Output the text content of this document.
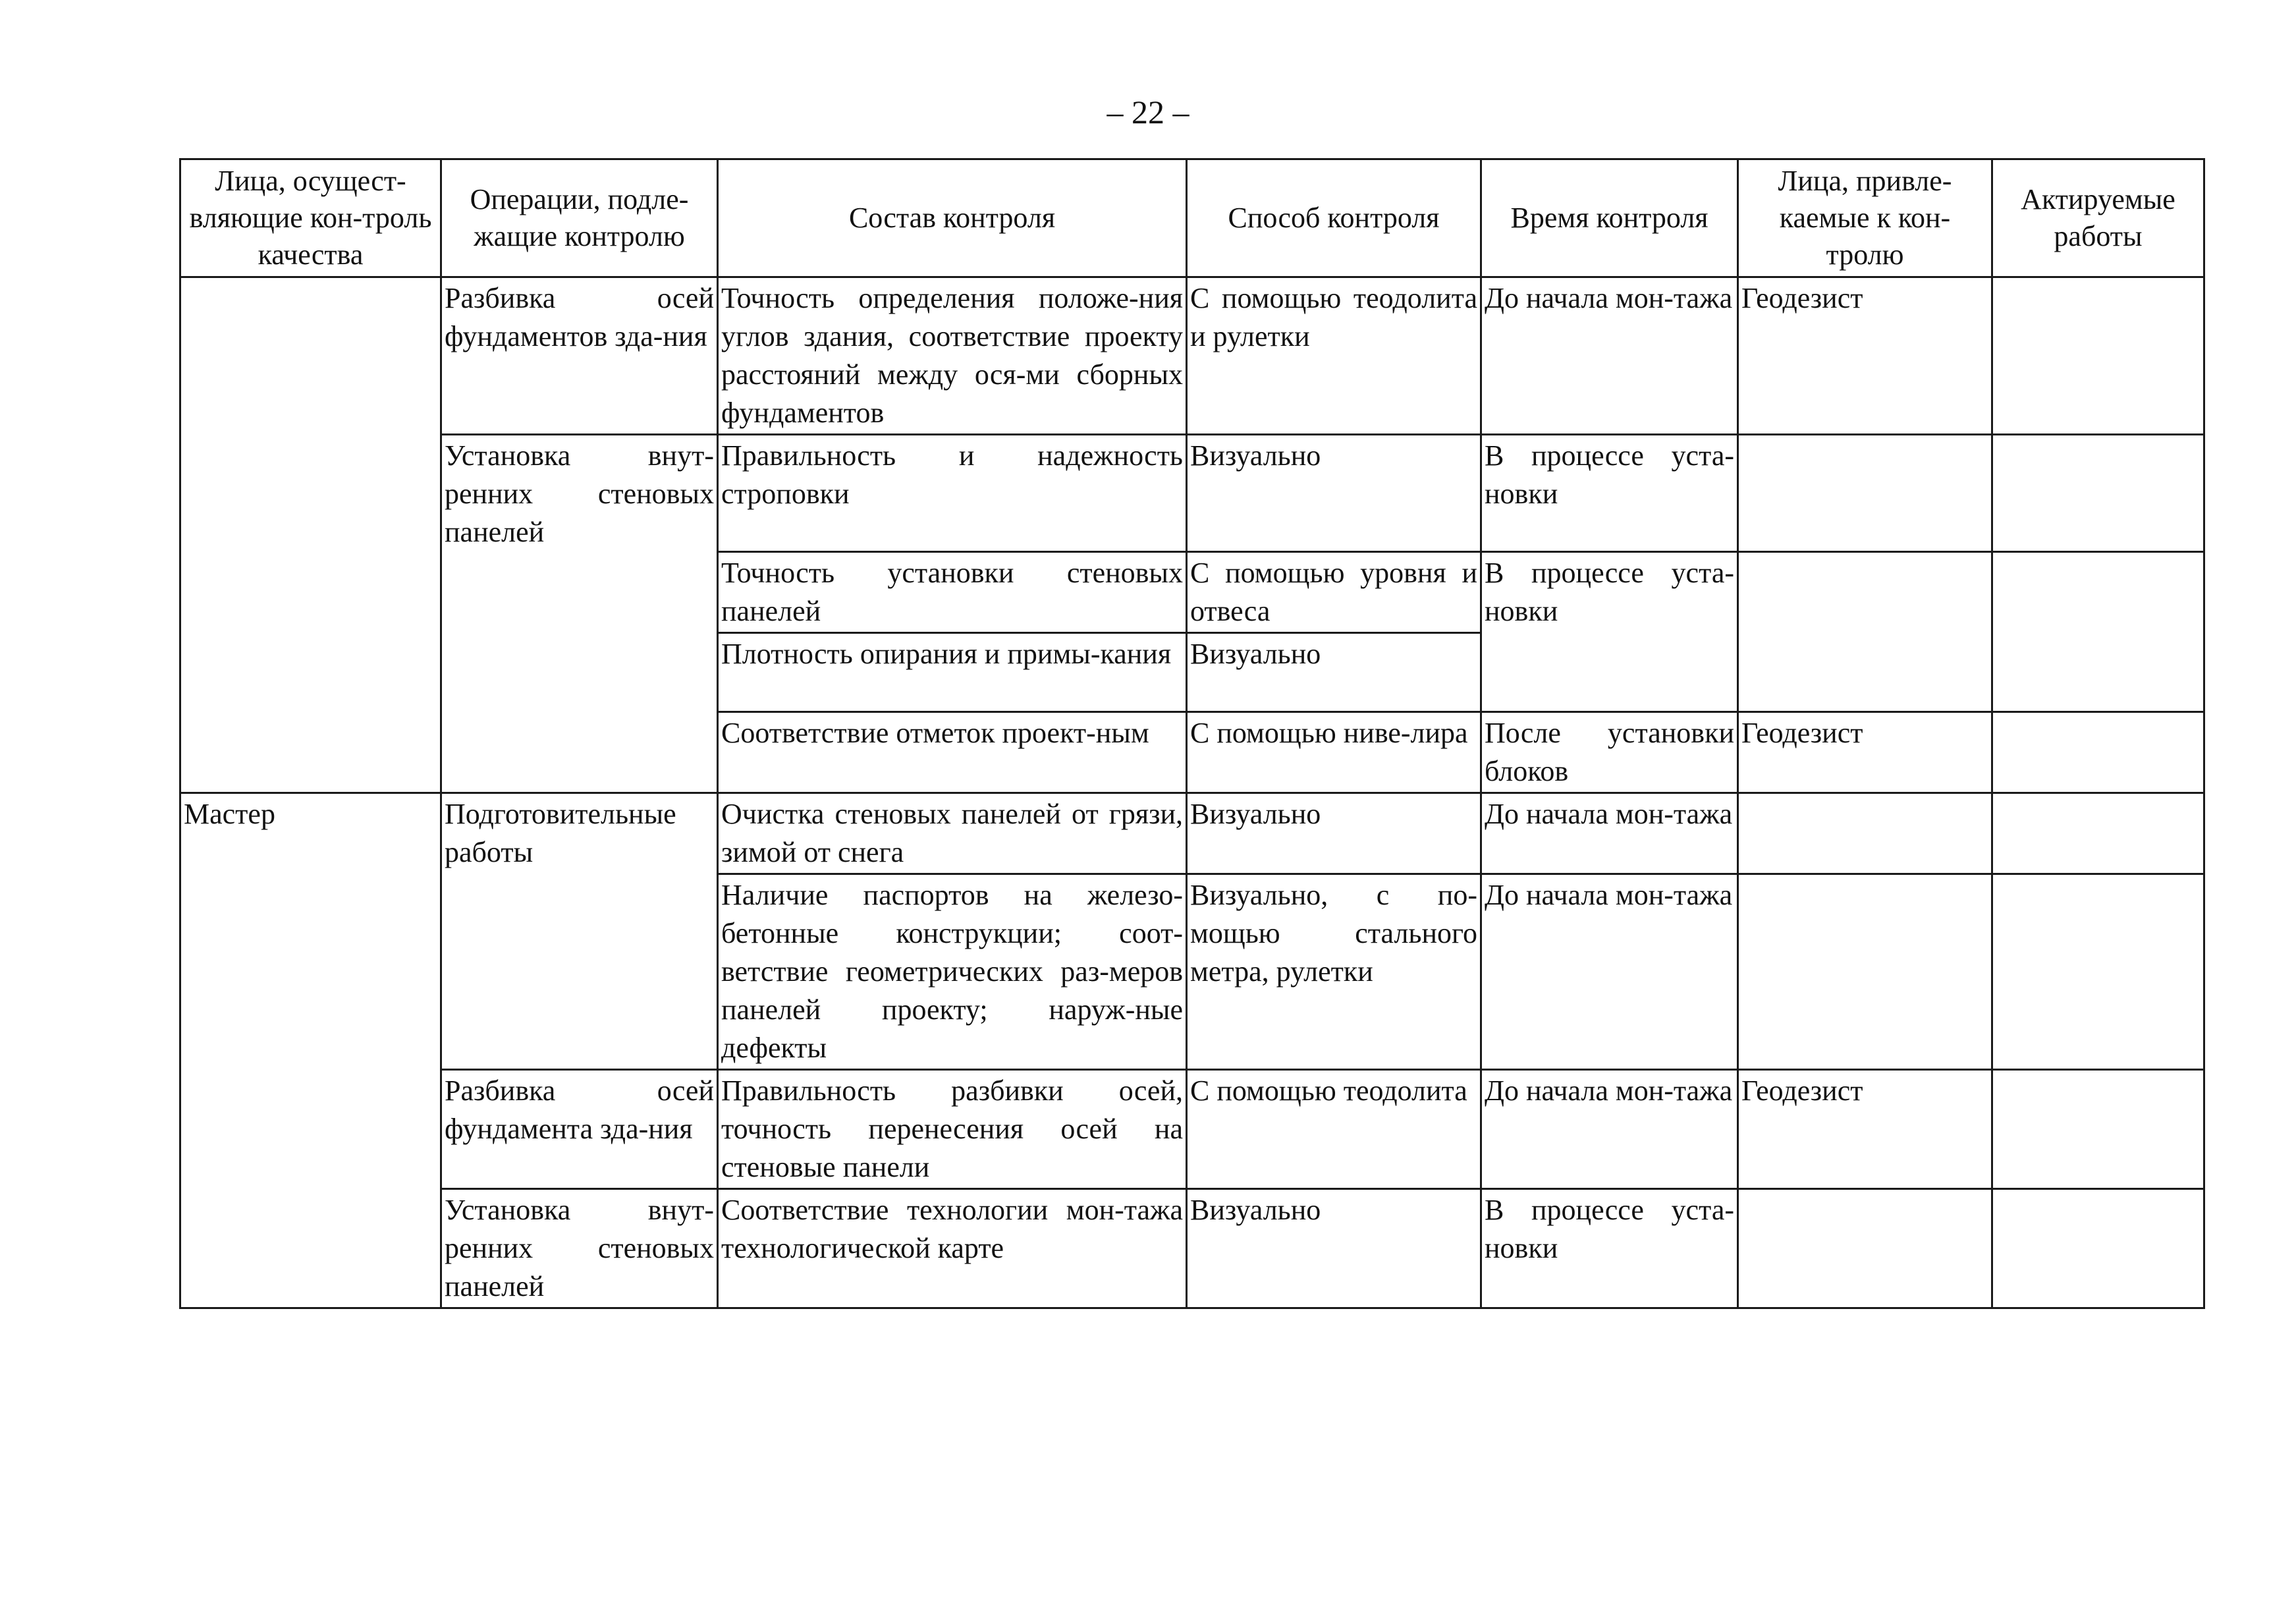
– 22 –
Лица, осущест-вляющие кон-троль качества	Операции, подле-жащие контролю	Состав контроля	Способ контроля	Время контроля	Лица, привле-каемые к кон-тролю	Актируемые работы
	Разбивка осей фундаментов зда-ния	Точность определения положе-ния углов здания, соответствие проекту расстояний между ося-ми сборных фундаментов	С помощью теодолита и рулетки	До начала мон-тажа	Геодезист	
	Установка внут-ренних стеновых панелей	Правильность и надежность строповки	Визуально	В процессе уста-новки		
		Точность установки стеновых панелей	С помощью уровня и отвеса	В процессе уста-новки		
		Плотность опирания и примы-кания	Визуально			
		Соответствие отметок проект-ным	С помощью ниве-лира	После установки блоков	Геодезист	
Мастер	Подготовительные работы	Очистка стеновых панелей от грязи, зимой от снега	Визуально	До начала мон-тажа		
		Наличие паспортов на железо-бетонные конструкции; соот-ветствие геометрических раз-меров панелей проекту; наруж-ные дефекты	Визуально, с по-мощью стального метра, рулетки	До начала мон-тажа		
	Разбивка осей фундамента зда-ния	Правильность разбивки осей, точность перенесения осей на стеновые панели	С помощью теодолита	До начала мон-тажа	Геодезист	
	Установка внут-ренних стеновых панелей	Соответствие технологии мон-тажа технологической карте	Визуально	В процессе уста-новки		
